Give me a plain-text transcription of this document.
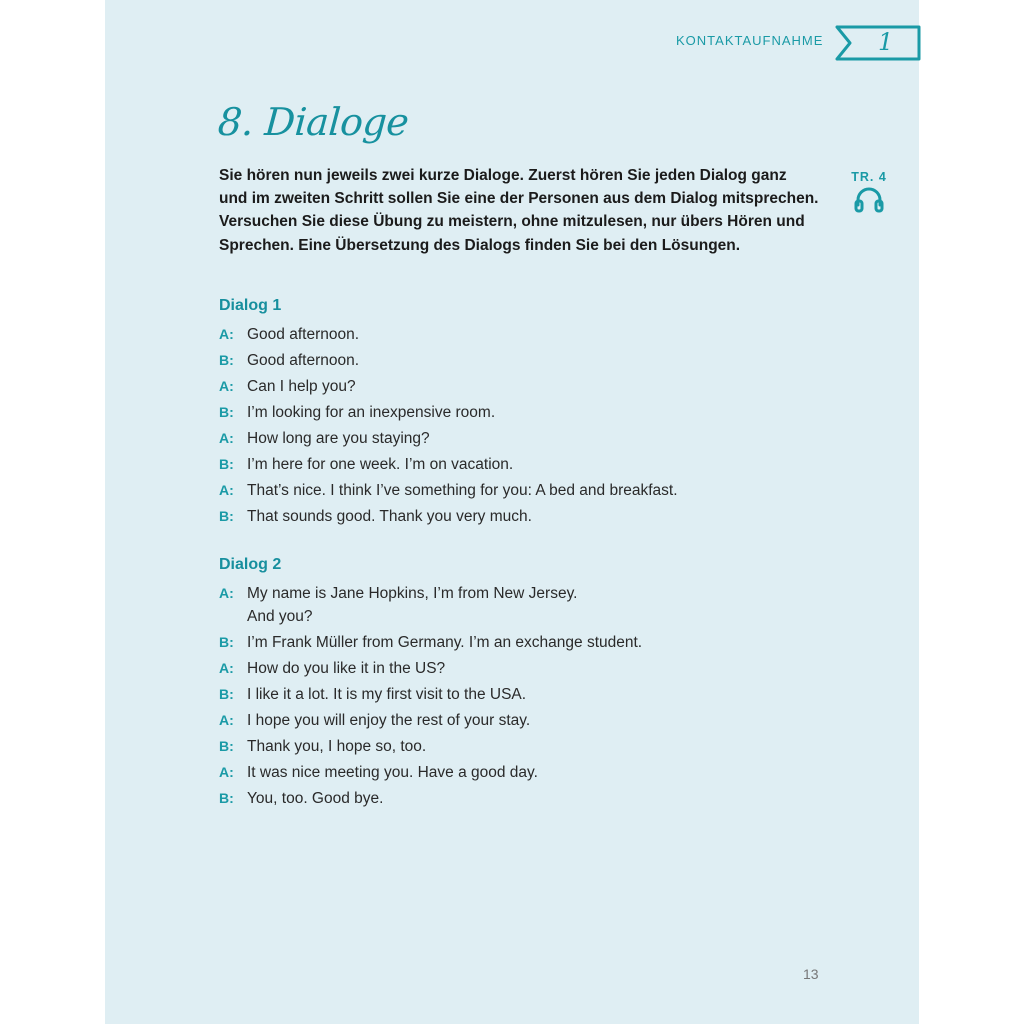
KONTAKTAUFNAHME 1
8. Dialoge
Sie hören nun jeweils zwei kurze Dialoge. Zuerst hören Sie jeden Dialog ganz und im zweiten Schritt sollen Sie eine der Personen aus dem Dialog mitsprechen. Versuchen Sie diese Übung zu meistern, ohne mitzulesen, nur übers Hören und Sprechen. Eine Übersetzung des Dialogs finden Sie bei den Lösungen.
TR. 4
Dialog 1
A: Good afternoon.
B: Good afternoon.
A: Can I help you?
B: I’m looking for an inexpensive room.
A: How long are you staying?
B: I’m here for one week. I’m on vacation.
A: That’s nice. I think I’ve something for you: A bed and breakfast.
B: That sounds good. Thank you very much.
Dialog 2
A: My name is Jane Hopkins, I’m from New Jersey.
And you?
B: I’m Frank Müller from Germany. I’m an exchange student.
A: How do you like it in the US?
B: I like it a lot. It is my first visit to the USA.
A: I hope you will enjoy the rest of your stay.
B: Thank you, I hope so, too.
A: It was nice meeting you. Have a good day.
B: You, too. Good bye.
13
